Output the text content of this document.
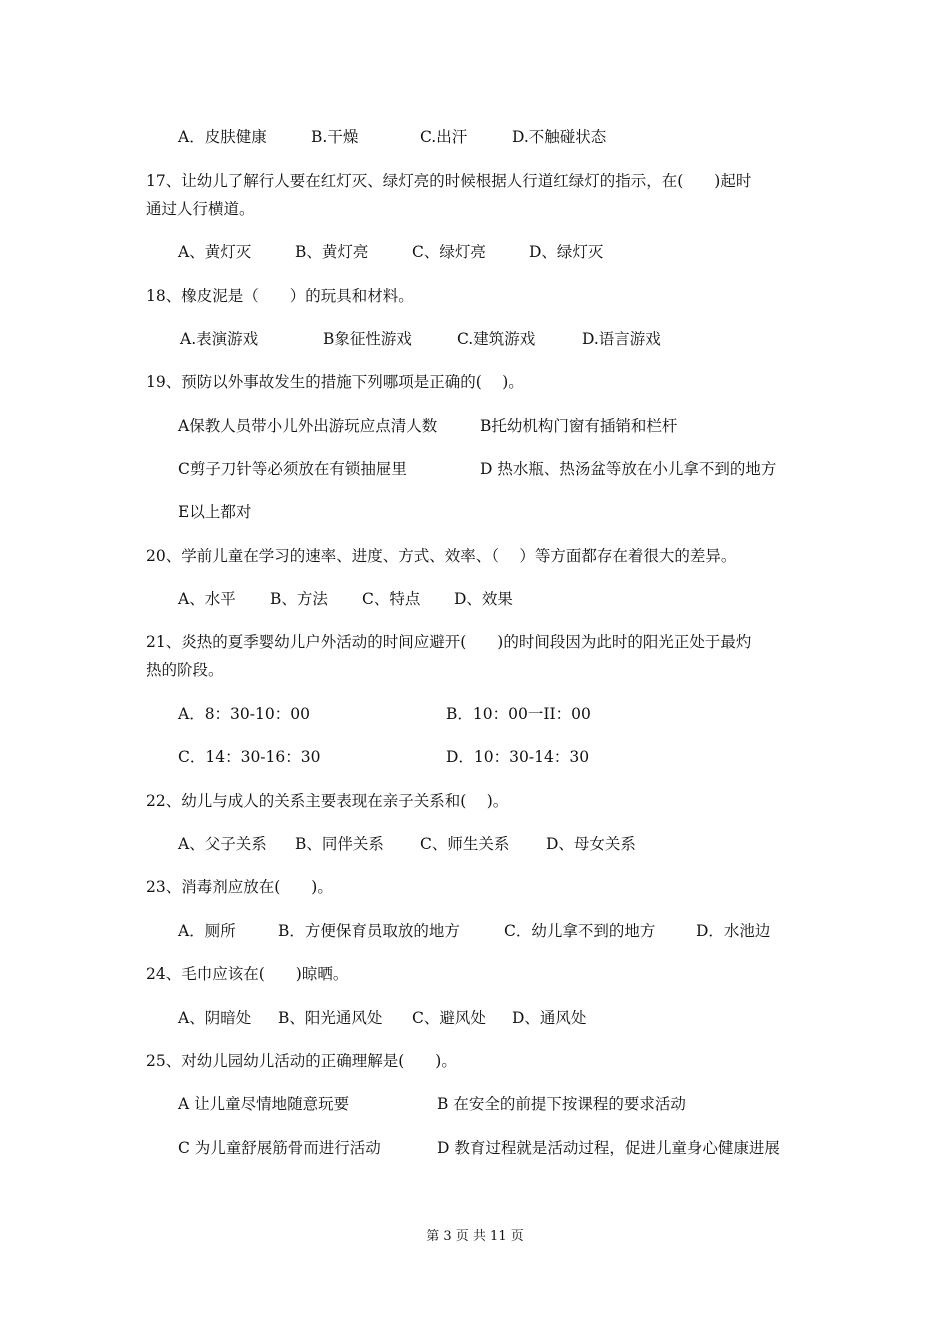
A．皮肤健康	B.干燥	C.出汗	D.不触碰状态
17、让幼儿了解行人要在红灯灭、绿灯亮的时候根据人行道红绿灯的指示，在(　　)起时
通过人行横道。
A、黄灯灭	B、黄灯亮	C、绿灯亮	D、绿灯灭
18、橡皮泥是（　　）的玩具和材料。
A.表演游戏	B象征性游戏	C.建筑游戏	D.语言游戏
19、预防以外事故发生的措施下列哪项是正确的(　 )。
A保教人员带小儿外出游玩应点清人数	B托幼机构门窗有插销和栏杆
C剪子刀针等必须放在有锁抽屉里	D 热水瓶、热汤盆等放在小儿拿不到的地方
E以上都对
20、学前儿童在学习的速率、进度、方式、效率、（　 ）等方面都存在着很大的差异。
A、水平 B、方法 C、特点 D、效果
21、炎热的夏季婴幼儿户外活动的时间应避开(　　)的时间段因为此时的阳光正处于最灼
热的阶段。
A．8：30-10：00	B．10：00一II：00
C．14：30-16：30	D．10：30-14：30
22、幼儿与成人的关系主要表现在亲子关系和(　 )。
A、父子关系 B、同伴关系 C、师生关系 D、母女关系
23、消毒剂应放在(　　)。
A．厕所	B．方便保育员取放的地方	C．幼儿拿不到的地方	D．水池边
24、毛巾应该在(　　)晾晒。
A、阴暗处 B、阳光通风处 C、避风处 D、通风处
25、对幼儿园幼儿活动的正确理解是(　　)。
A 让儿童尽情地随意玩要	B 在安全的前提下按课程的要求活动
C 为儿童舒展筋骨而进行活动	D 教育过程就是活动过程，促进儿童身心健康进展
第 3 页 共 11 页
